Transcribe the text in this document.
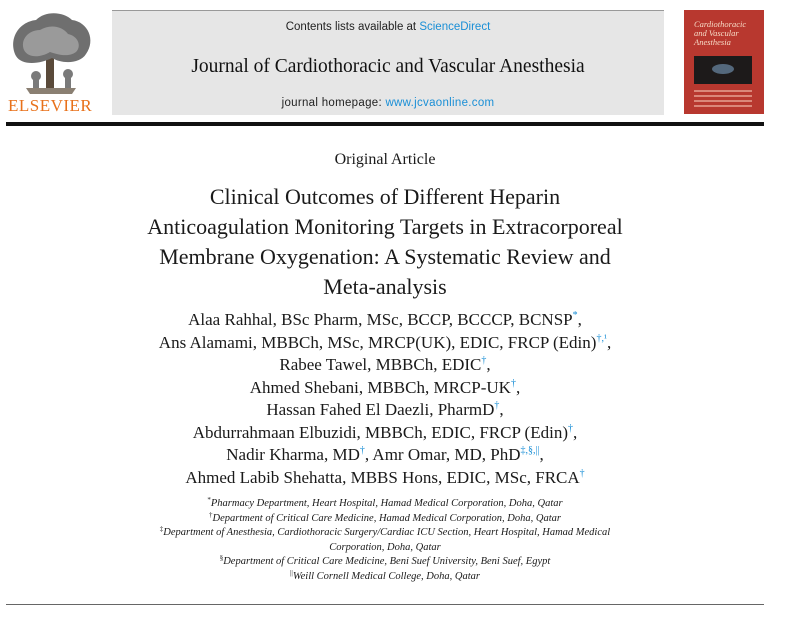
ELSEVIER
Contents lists available at ScienceDirect
Journal of Cardiothoracic and Vascular Anesthesia
journal homepage: www.jcvaonline.com
Cardiothoracic and Vascular Anesthesia
Original Article
Clinical Outcomes of Different Heparin
Anticoagulation Monitoring Targets in Extracorporeal
Membrane Oxygenation: A Systematic Review and
Meta-analysis
Alaa Rahhal, BSc Pharm, MSc, BCCP, BCCCP, BCNSP*,
Ans Alamami, MBBCh, MSc, MRCP(UK), EDIC, FRCP (Edin)$^{\dagger,^1}$,
Rabee Tawel, MBBCh, EDIC†,
Ahmed Shebani, MBBCh, MRCP-UK†,
Hassan Fahed El Daezli, PharmD†,
Abdurrahmaan Elbuzidi, MBBCh, EDIC, FRCP (Edin)†,
Nadir Kharma, MD†, Amr Omar, MD, PhD‡,§,||,
Ahmed Labib Shehatta, MBBS Hons, EDIC, MSc, FRCA†
*Pharmacy Department, Heart Hospital, Hamad Medical Corporation, Doha, Qatar
†Department of Critical Care Medicine, Hamad Medical Corporation, Doha, Qatar
‡Department of Anesthesia, Cardiothoracic Surgery/Cardiac ICU Section, Heart Hospital, Hamad Medical
Corporation, Doha, Qatar
§Department of Critical Care Medicine, Beni Suef University, Beni Suef, Egypt
||Weill Cornell Medical College, Doha, Qatar
